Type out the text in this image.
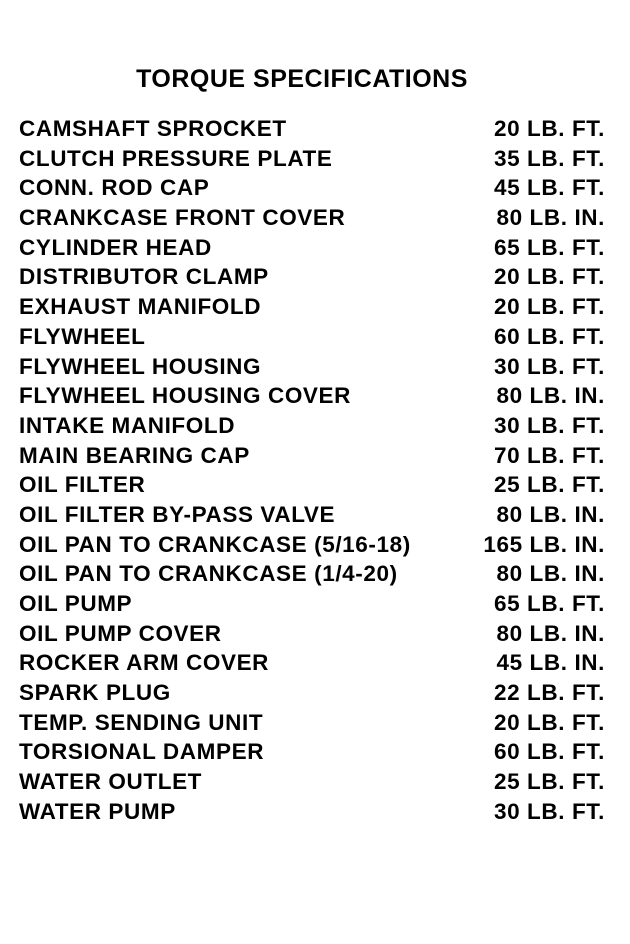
TORQUE SPECIFICATIONS
CAMSHAFT SPROCKET	20 LB. FT.
CLUTCH PRESSURE PLATE	35 LB. FT.
CONN. ROD CAP	45 LB. FT.
CRANKCASE FRONT COVER	80 LB. IN.
CYLINDER HEAD	65 LB. FT.
DISTRIBUTOR CLAMP	20 LB. FT.
EXHAUST MANIFOLD	20 LB. FT.
FLYWHEEL	60 LB. FT.
FLYWHEEL HOUSING	30 LB. FT.
FLYWHEEL HOUSING COVER	80 LB. IN.
INTAKE MANIFOLD	30 LB. FT.
MAIN BEARING CAP	70 LB. FT.
OIL FILTER	25 LB. FT.
OIL FILTER BY-PASS VALVE	80 LB. IN.
OIL PAN TO CRANKCASE (5/16-18)	165 LB. IN.
OIL PAN TO CRANKCASE (1/4-20)	80 LB. IN.
OIL PUMP	65 LB. FT.
OIL PUMP COVER	80 LB. IN.
ROCKER ARM COVER	45 LB. IN.
SPARK PLUG	22 LB. FT.
TEMP. SENDING UNIT	20 LB. FT.
TORSIONAL DAMPER	60 LB. FT.
WATER OUTLET	25 LB. FT.
WATER PUMP	30 LB. FT.
